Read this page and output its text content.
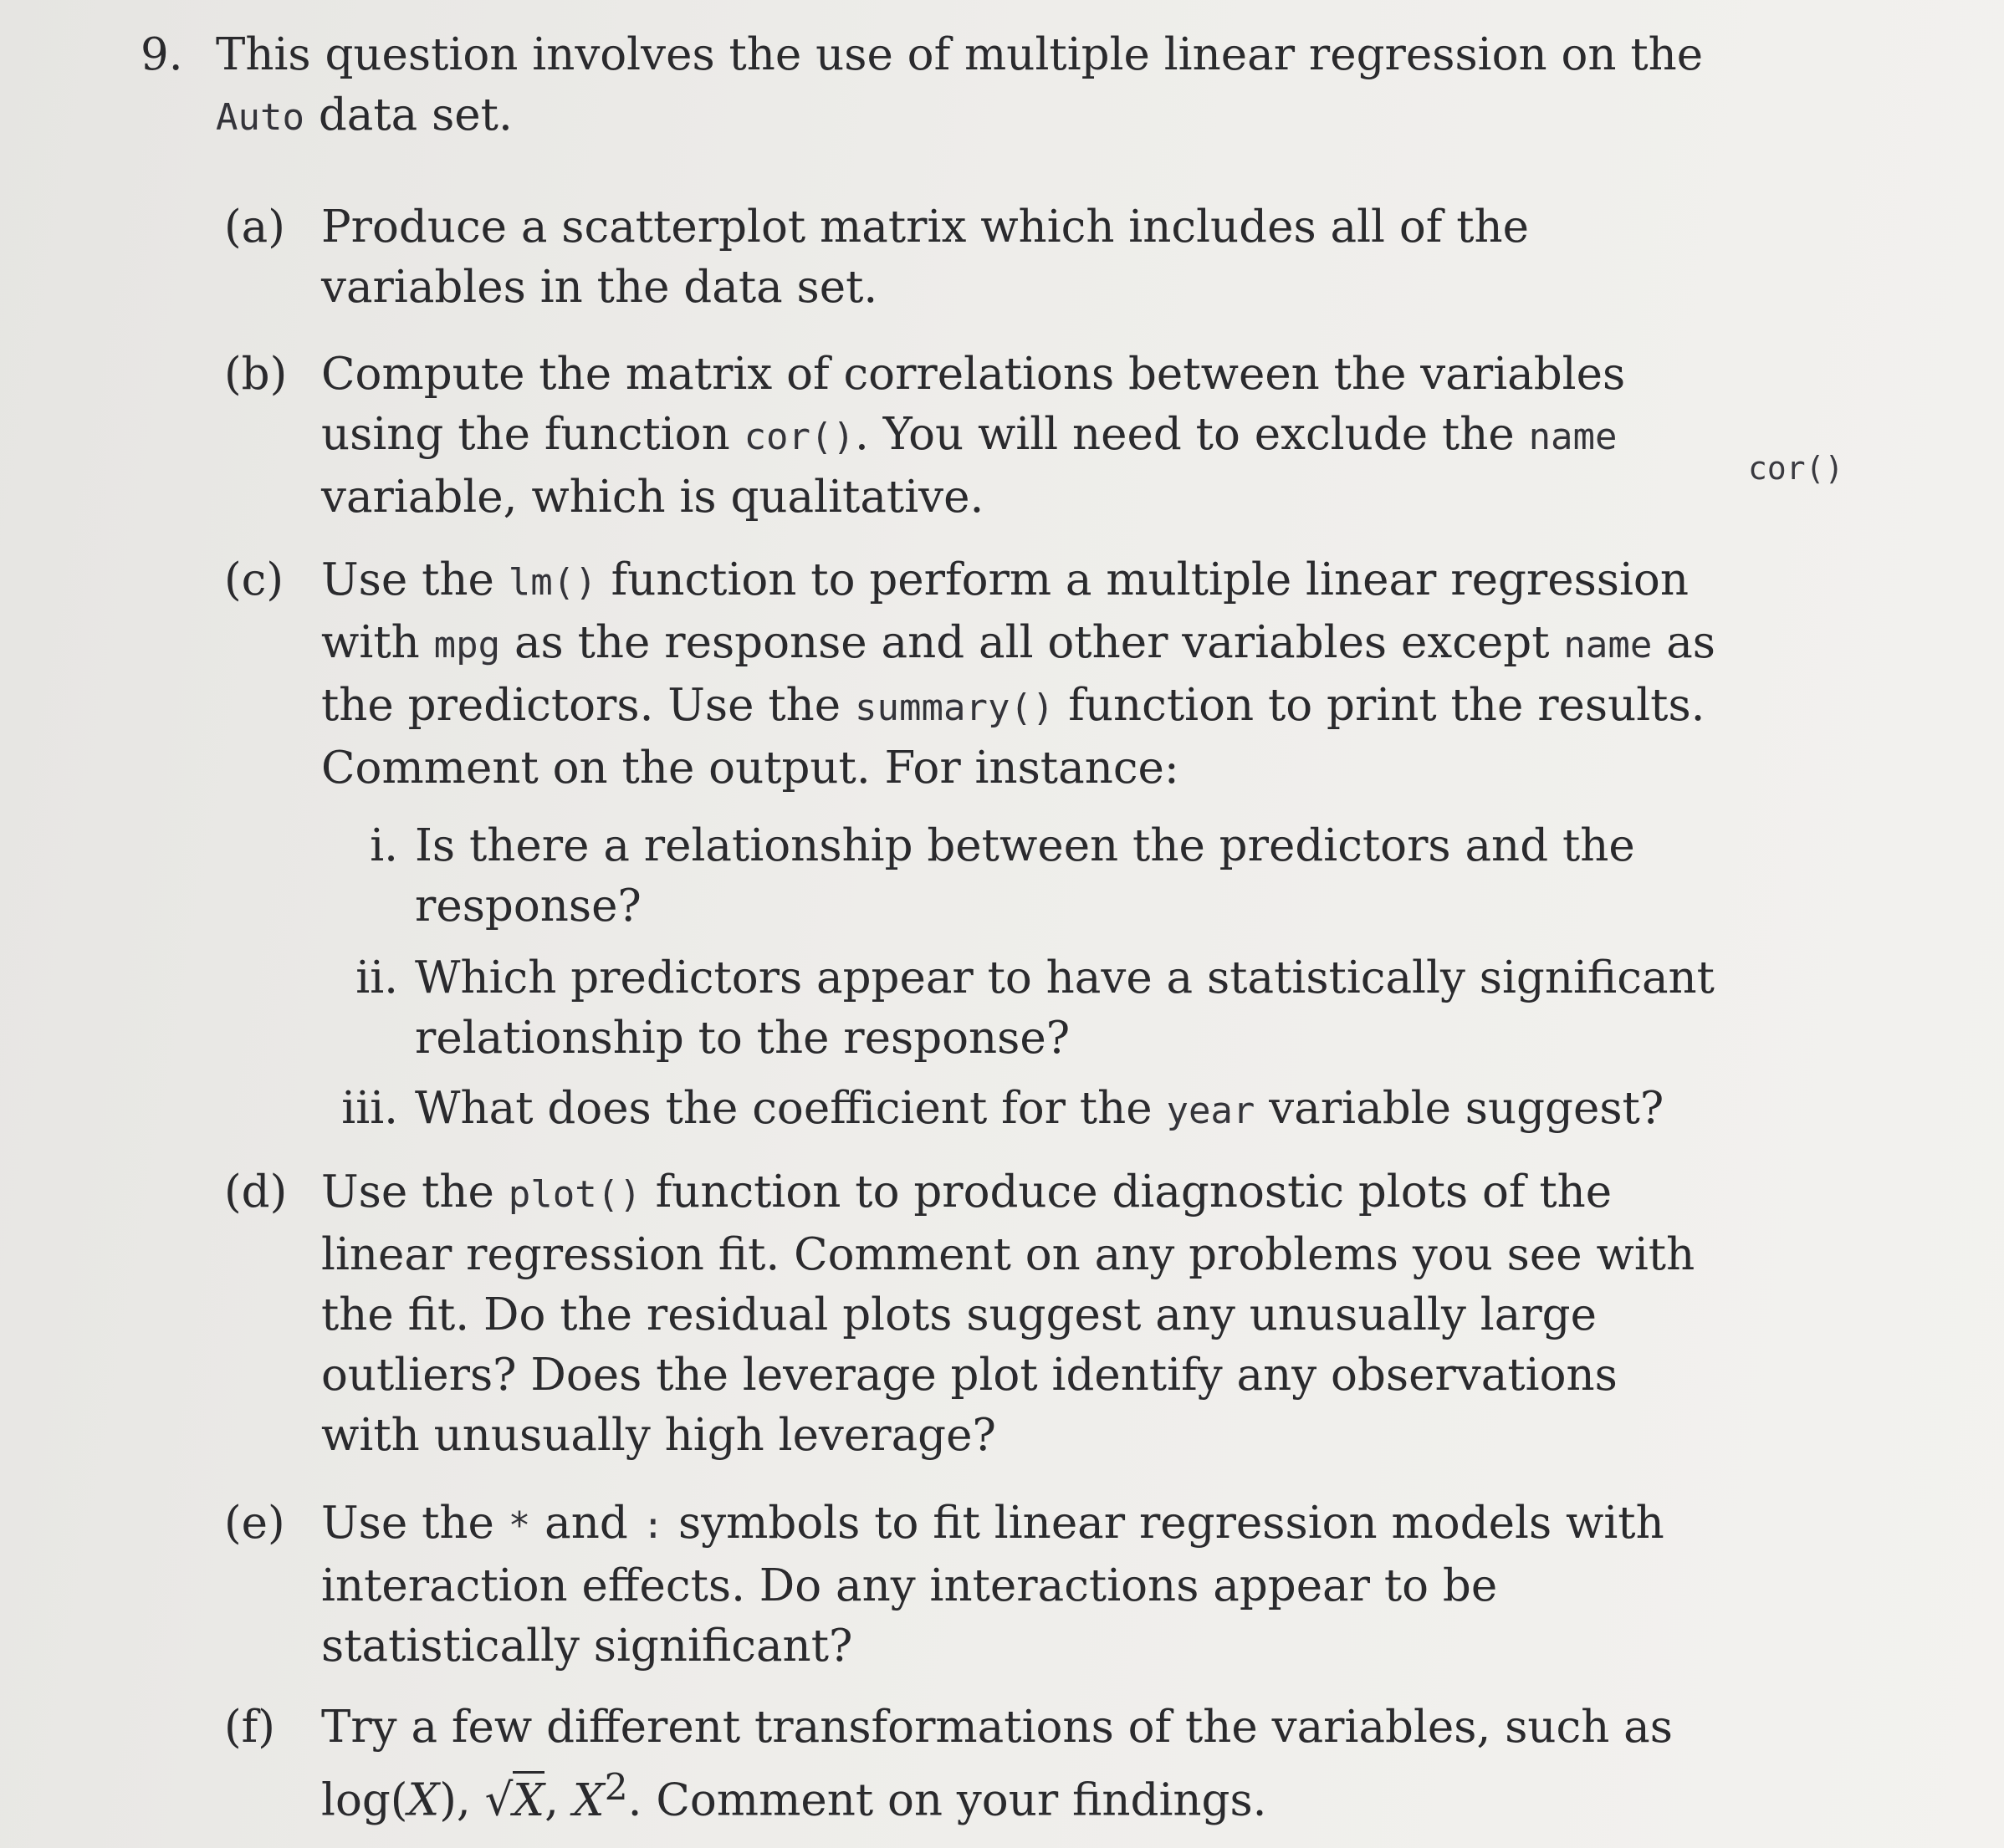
9. This question involves the use of multiple linear regression on the Auto data set.
cor()
(a) Produce a scatterplot matrix which includes all of the variables in the data set.
(b) Compute the matrix of correlations between the variables using the function cor(). You will need to exclude the name variable, which is qualitative.
(c) Use the lm() function to perform a multiple linear regression with mpg as the response and all other variables except name as the predictors. Use the summary() function to print the results. Comment on the output. For instance:
i. Is there a relationship between the predictors and the response?
ii. Which predictors appear to have a statistically significant relationship to the response?
iii. What does the coefficient for the year variable suggest?
(d) Use the plot() function to produce diagnostic plots of the linear regression fit. Comment on any problems you see with the fit. Do the residual plots suggest any unusually large outliers? Does the leverage plot identify any observations with unusually high leverage?
(e) Use the * and : symbols to fit linear regression models with interaction effects. Do any interactions appear to be statistically significant?
(f) Try a few different transformations of the variables, such as log(X), √X, $X^2$. Comment on your findings.
